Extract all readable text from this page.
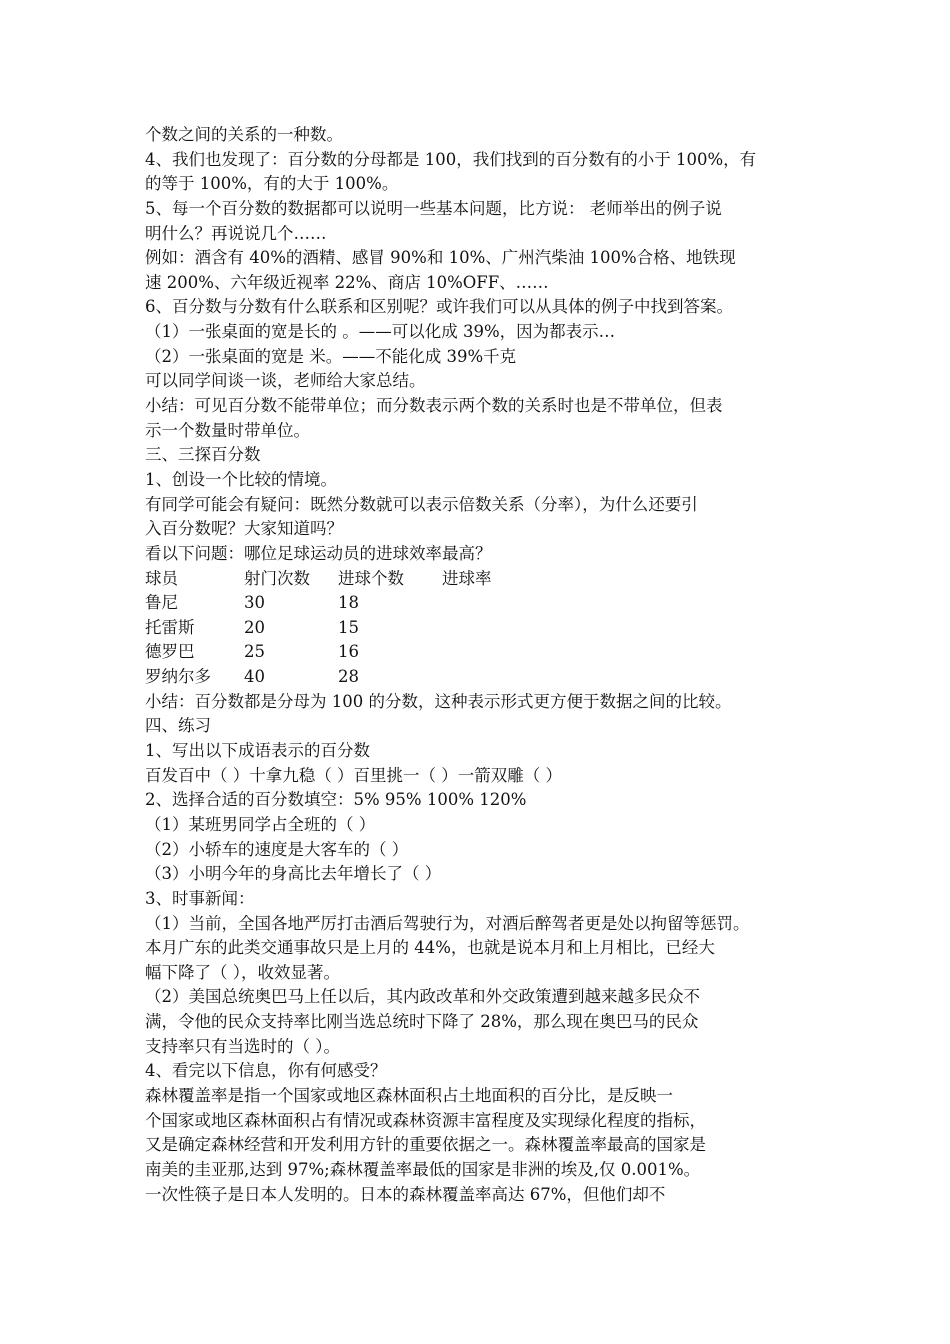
个数之间的关系的一种数。
4、我们也发现了：百分数的分母都是 100，我们找到的百分数有的小于 100%，有
的等于 100%，有的大于 100%。
5、每一个百分数的数据都可以说明一些基本问题，比方说： 老师举出的例子说
明什么？再说说几个……
例如：酒含有 40%的酒精、感冒 90%和 10%、广州汽柴油 100%合格、地铁现
速 200%、六年级近视率 22%、商店 10%OFF、……
6、百分数与分数有什么联系和区别呢？或许我们可以从具体的例子中找到答案。
（1）一张桌面的宽是长的 。——可以化成 39%，因为都表示…
（2）一张桌面的宽是 米。——不能化成 39%千克
可以同学间谈一谈，老师给大家总结。
小结：可见百分数不能带单位；而分数表示两个数的关系时也是不带单位，但表
示一个数量时带单位。
三、三探百分数
1、创设一个比较的情境。
有同学可能会有疑问：既然分数就可以表示倍数关系（分率），为什么还要引
入百分数呢？大家知道吗？
看以下问题：哪位足球运动员的进球效率最高？
球员	射门次数 进球个数 进球率
鲁尼	30	18
托雷斯	20	15
德罗巴	25	16
罗纳尔多 40	28
小结：百分数都是分母为 100 的分数，这种表示形式更方便于数据之间的比较。
四、练习
1、写出以下成语表示的百分数
百发百中（ ）十拿九稳（ ）百里挑一（ ）一箭双雕（ ）
2、选择合适的百分数填空：5% 95% 100% 120%
（1）某班男同学占全班的（ ）
（2）小轿车的速度是大客车的（ ）
（3）小明今年的身高比去年增长了（ ）
3、时事新闻：
（1）当前，全国各地严厉打击酒后驾驶行为，对酒后醉驾者更是处以拘留等惩罚。
本月广东的此类交通事故只是上月的 44%，也就是说本月和上月相比，已经大
幅下降了（ ），收效显著。
（2）美国总统奥巴马上任以后，其内政改革和外交政策遭到越来越多民众不
满，令他的民众支持率比刚当选总统时下降了 28%，那么现在奥巴马的民众
支持率只有当选时的（ ）。
4、看完以下信息，你有何感受？
森林覆盖率是指一个国家或地区森林面积占土地面积的百分比，是反映一
个国家或地区森林面积占有情况或森林资源丰富程度及实现绿化程度的指标，
又是确定森林经营和开发利用方针的重要依据之一。森林覆盖率最高的国家是
南美的圭亚那,达到 97%;森林覆盖率最低的国家是非洲的埃及,仅 0.001%。
一次性筷子是日本人发明的。日本的森林覆盖率高达 67%，但他们却不
